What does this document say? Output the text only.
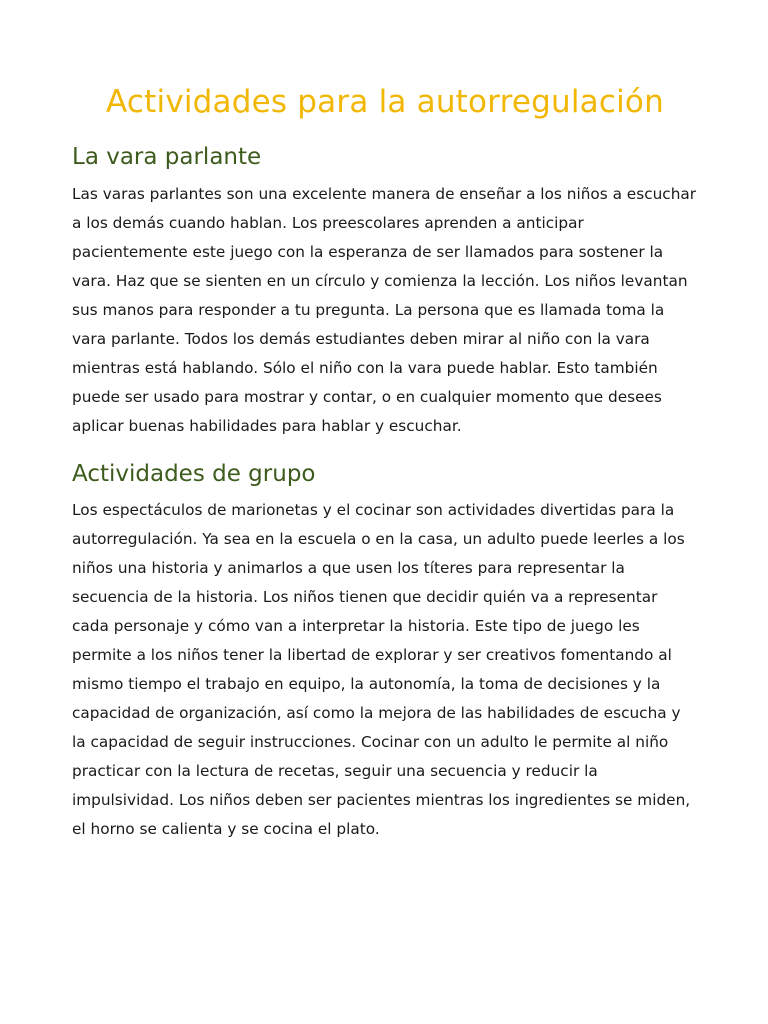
Actividades para la autorregulación
La vara parlante

Las varas parlantes son una excelente manera de enseñar a los niños a escuchar a los demás cuando hablan. Los preescolares aprenden a anticipar pacientemente este juego con la esperanza de ser llamados para sostener la vara. Haz que se sienten en un círculo y comienza la lección. Los niños levantan sus manos para responder a tu pregunta. La persona que es llamada toma la vara parlante. Todos los demás estudiantes deben mirar al niño con la vara mientras está hablando. Sólo el niño con la vara puede hablar. Esto también puede ser usado para mostrar y contar, o en cualquier momento que desees aplicar buenas habilidades para hablar y escuchar.

Actividades de grupo

Los espectáculos de marionetas y el cocinar son actividades divertidas para la autorregulación. Ya sea en la escuela o en la casa, un adulto puede leerles a los niños una historia y animarlos a que usen los títeres para representar la secuencia de la historia. Los niños tienen que decidir quién va a representar cada personaje y cómo van a interpretar la historia. Este tipo de juego les permite a los niños tener la libertad de explorar y ser creativos fomentando al mismo tiempo el trabajo en equipo, la autonomía, la toma de decisiones y la capacidad de organización, así como la mejora de las habilidades de escucha y la capacidad de seguir instrucciones. Cocinar con un adulto le permite al niño practicar con la lectura de recetas, seguir una secuencia y reducir la impulsividad. Los niños deben ser pacientes mientras los ingredientes se miden, el horno se calienta y se cocina el plato.
